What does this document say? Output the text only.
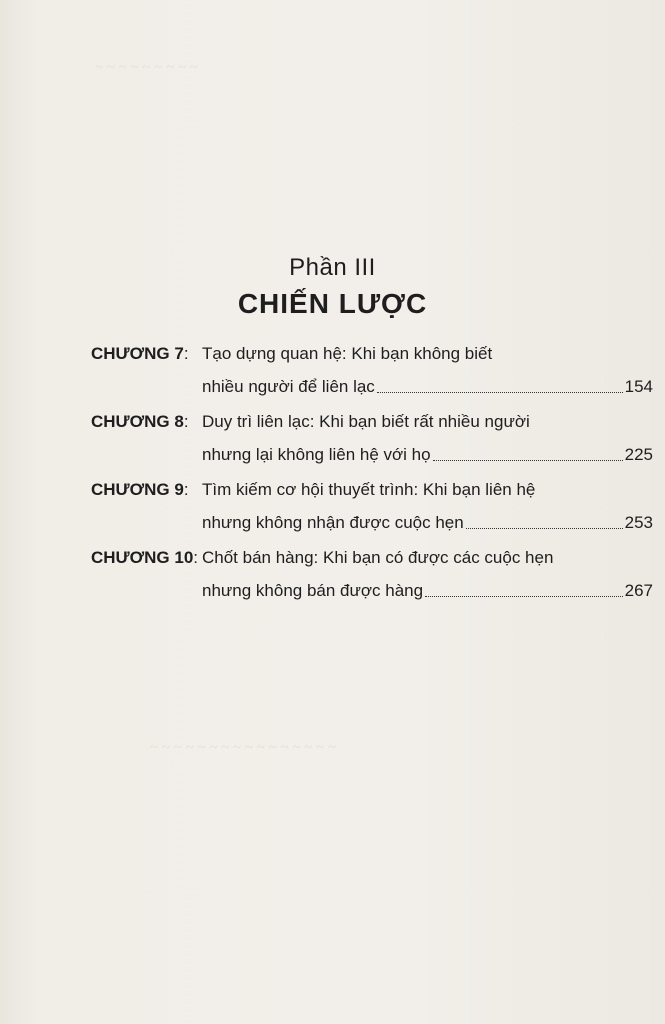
~ ~ ~ ~ ~ ~ ~ ~ ~
~ ~ ~ ~ ~ ~ ~ ~ ~ ~ ~ ~ ~ ~ ~ ~
Phần III
CHIẾN LƯỢC
CHƯƠNG 7: Tạo dựng quan hệ: Khi bạn không biết
nhiều người để liên lạc	154
CHƯƠNG 8: Duy trì liên lạc: Khi bạn biết rất nhiều người
nhưng lại không liên hệ với họ	225
CHƯƠNG 9: Tìm kiếm cơ hội thuyết trình: Khi bạn liên hệ
nhưng không nhận được cuộc hẹn	253
CHƯƠNG 10: Chốt bán hàng: Khi bạn có được các cuộc hẹn
nhưng không bán được hàng	267
